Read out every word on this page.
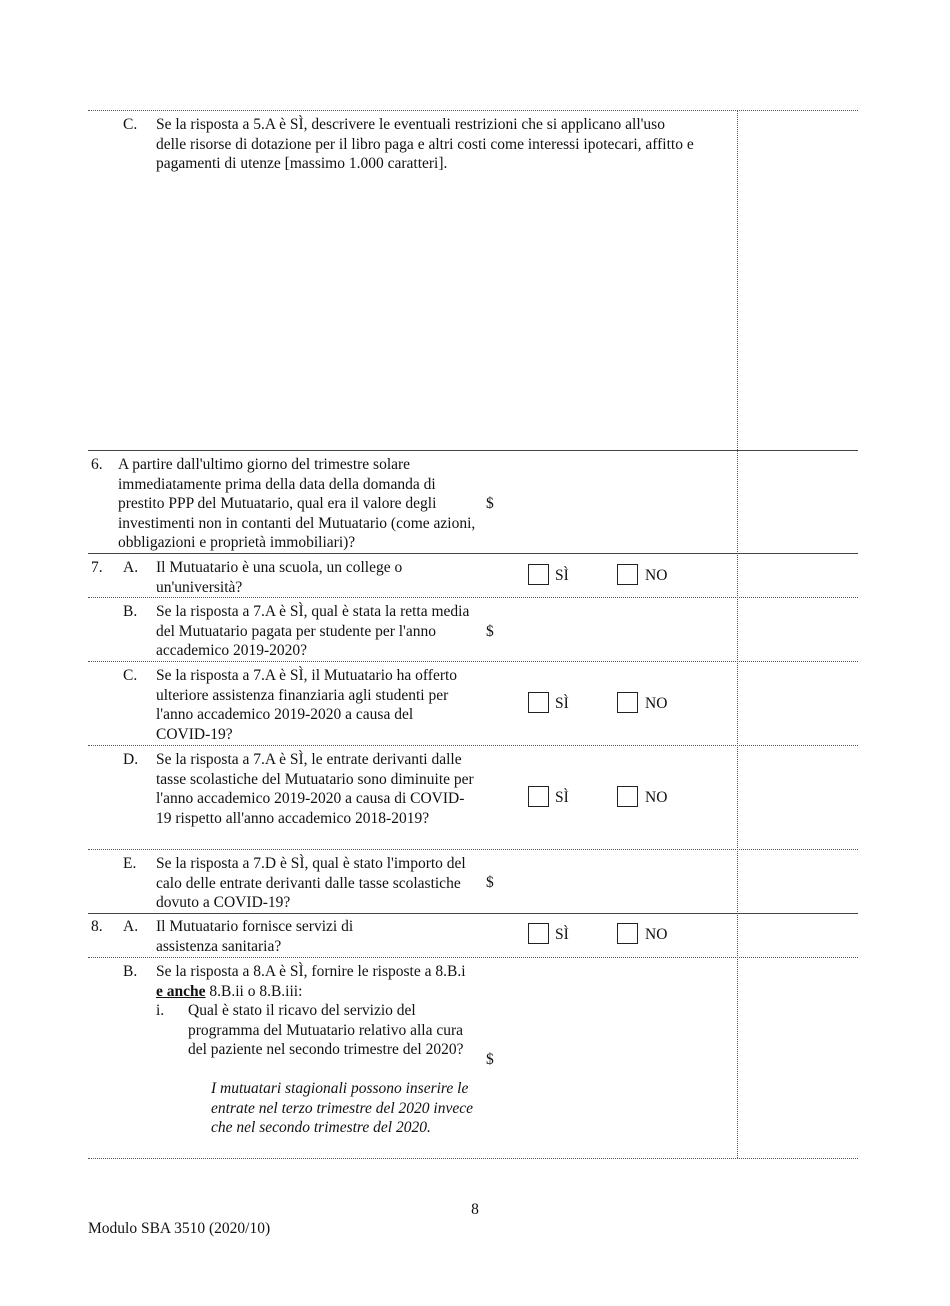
C. Se la risposta a 5.A è SÌ, descrivere le eventuali restrizioni che si applicano all'uso delle risorse di dotazione per il libro paga e altri costi come interessi ipotecari, affitto e pagamenti di utenze [massimo 1.000 caratteri].
6. A partire dall'ultimo giorno del trimestre solare immediatamente prima della data della domanda di prestito PPP del Mutuatario, qual era il valore degli investimenti non in contanti del Mutuatario (come azioni, obbligazioni e proprietà immobiliari)?
$
7. A. Il Mutuatario è una scuola, un college o un'università?
SÌ	NO
B. Se la risposta a 7.A è SÌ, qual è stata la retta media del Mutuatario pagata per studente per l'anno accademico 2019-2020?
$
C. Se la risposta a 7.A è SÌ, il Mutuatario ha offerto ulteriore assistenza finanziaria agli studenti per l'anno accademico 2019-2020 a causa del COVID-19?
SÌ	NO
D. Se la risposta a 7.A è SÌ, le entrate derivanti dalle tasse scolastiche del Mutuatario sono diminuite per l'anno accademico 2019-2020 a causa di COVID-19 rispetto all'anno accademico 2018-2019?
SÌ	NO
E. Se la risposta a 7.D è SÌ, qual è stato l'importo del calo delle entrate derivanti dalle tasse scolastiche dovuto a COVID-19?
$
8. A. Il Mutuatario fornisce servizi di assistenza sanitaria?
SÌ	NO
B. Se la risposta a 8.A è SÌ, fornire le risposte a 8.B.i e anche 8.B.ii o 8.B.iii:
i. Qual è stato il ricavo del servizio del programma del Mutuatario relativo alla cura del paziente nel secondo trimestre del 2020?
I mutuatari stagionali possono inserire le entrate nel terzo trimestre del 2020 invece che nel secondo trimestre del 2020.
$
8
Modulo SBA 3510 (2020/10)
